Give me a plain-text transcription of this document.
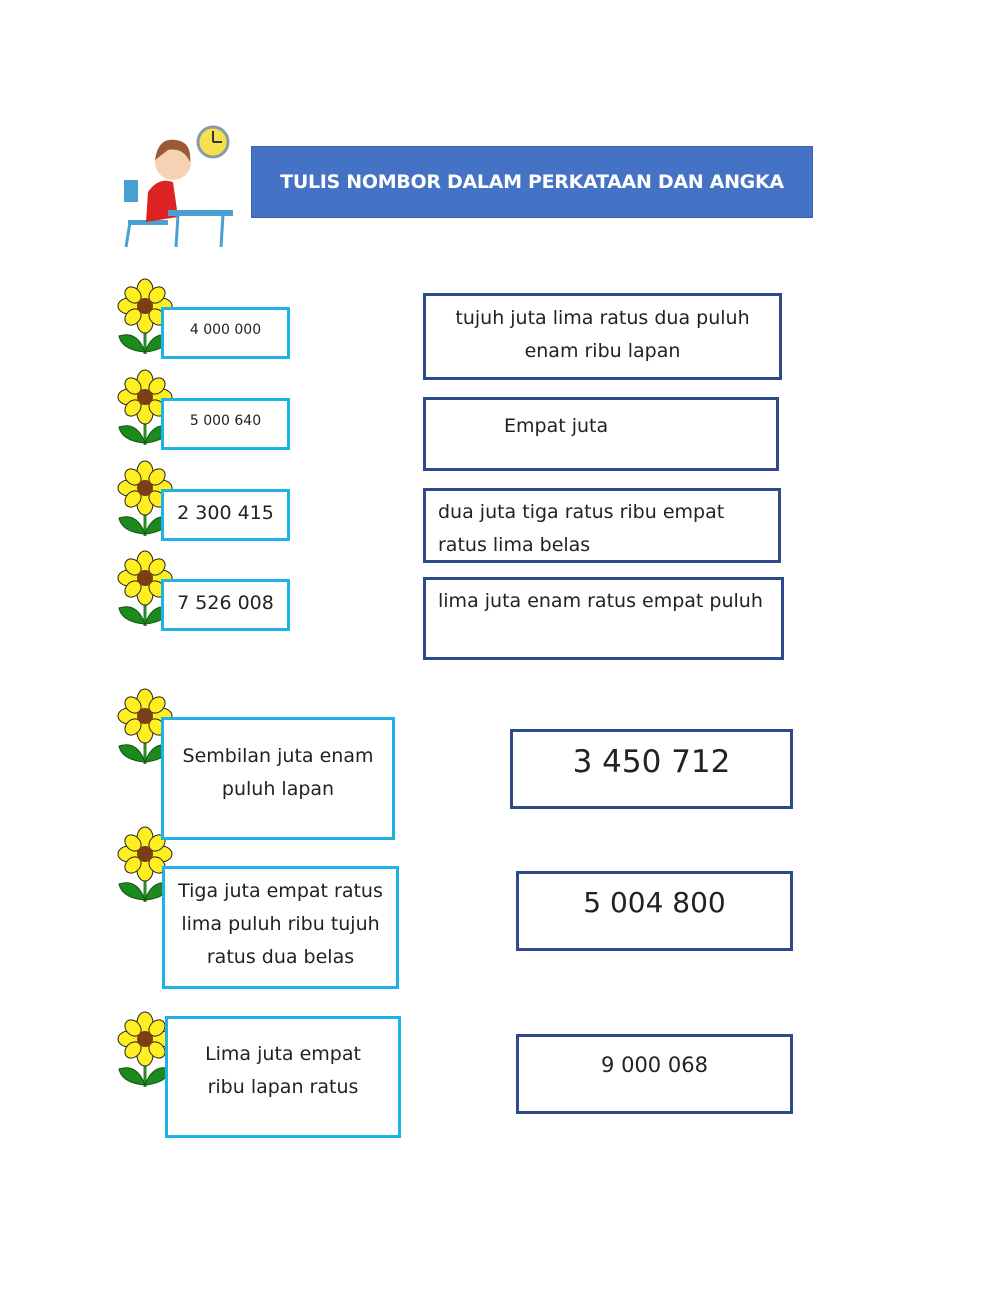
TULIS NOMBOR DALAM PERKATAAN DAN ANGKA
4 000 000
5 000 640
2 300 415
7 526 008
tujuh juta lima ratus dua puluh enam ribu lapan
Empat juta
dua juta tiga ratus ribu empat ratus lima belas
lima juta enam ratus empat puluh
Sembilan juta enam puluh lapan
Tiga juta empat ratus lima puluh ribu tujuh ratus dua belas
Lima juta empat ribu lapan ratus
3 450 712
5 004 800
9 000 068
